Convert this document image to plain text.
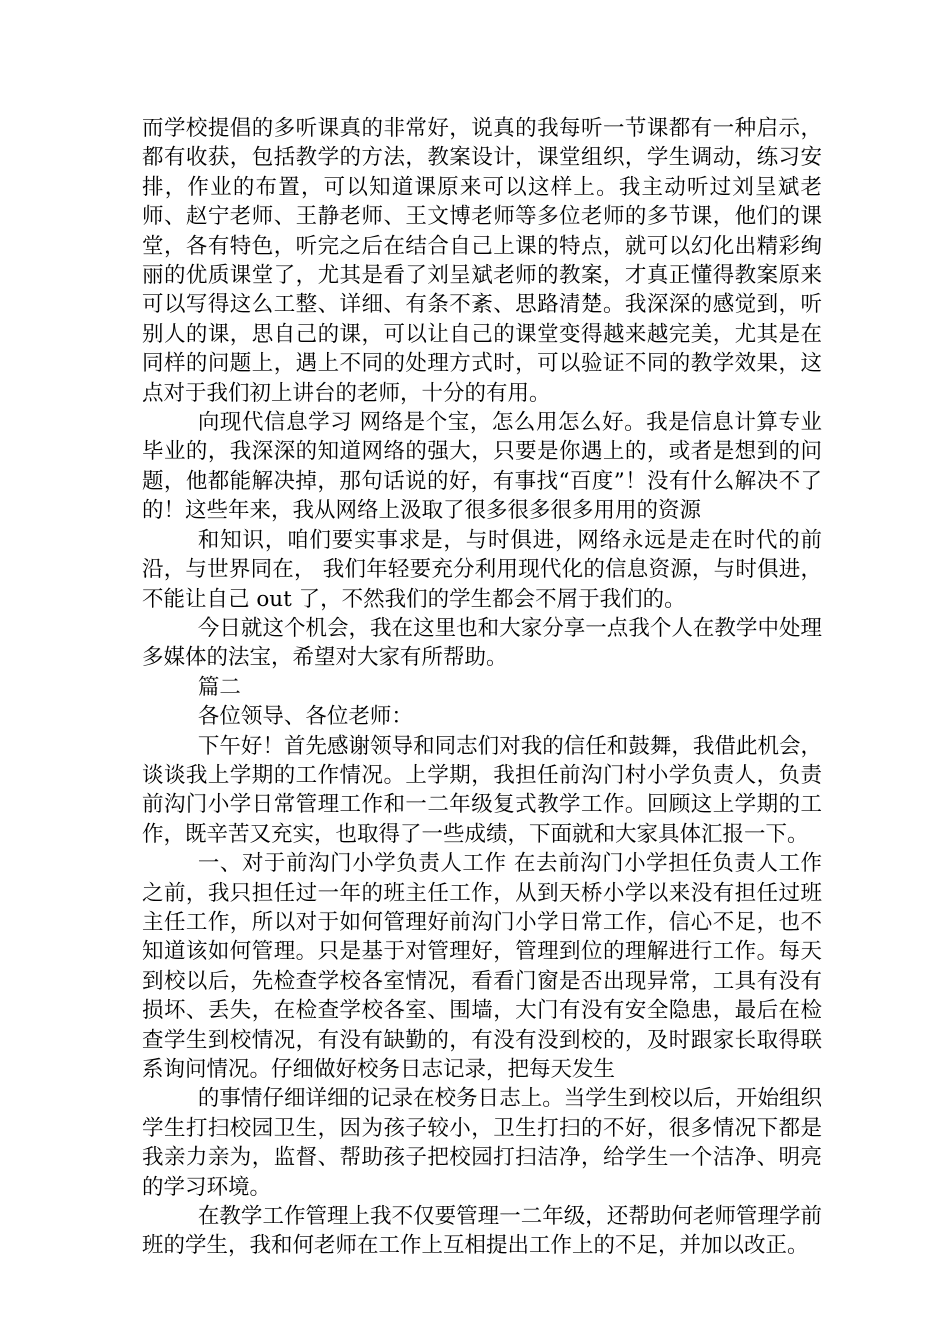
而学校提倡的多听课真的非常好，说真的我每听一节课都有一种启示，都有收获，包括教学的方法，教案设计，课堂组织，学生调动，练习安排，作业的布置，可以知道课原来可以这样上。我主动听过刘呈斌老师、赵宁老师、王静老师、王文博老师等多位老师的多节课，他们的课堂，各有特色，听完之后在结合自己上课的特点，就可以幻化出精彩绚丽的优质课堂了，尤其是看了刘呈斌老师的教案，才真正懂得教案原来可以写得这么工整、详细、有条不紊、思路清楚。我深深的感觉到，听别人的课，思自己的课，可以让自己的课堂变得越来越完美，尤其是在同样的问题上，遇上不同的处理方式时，可以验证不同的教学效果，这点对于我们初上讲台的老师，十分的有用。

向现代信息学习 网络是个宝，怎么用怎么好。我是信息计算专业毕业的，我深深的知道网络的强大，只要是你遇上的，或者是想到的问题，他都能解决掉，那句话说的好，有事找“百度”！没有什么解决不了的！这些年来，我从网络上汲取了很多很多很多用用的资源

和知识，咱们要实事求是，与时俱进，网络永远是走在时代的前沿，与世界同在， 我们年轻要充分利用现代化的信息资源，与时俱进，不能让自己 out 了，不然我们的学生都会不屑于我们的。

今日就这个机会，我在这里也和大家分享一点我个人在教学中处理多媒体的法宝，希望对大家有所帮助。

篇二

各位领导、各位老师：

下午好！首先感谢领导和同志们对我的信任和鼓舞，我借此机会，谈谈我上学期的工作情况。上学期，我担任前沟门村小学负责人，负责前沟门小学日常管理工作和一二年级复式教学工作。回顾这上学期的工作，既辛苦又充实，也取得了一些成绩，下面就和大家具体汇报一下。

一、对于前沟门小学负责人工作 在去前沟门小学担任负责人工作之前，我只担任过一年的班主任工作，从到天桥小学以来没有担任过班主任工作，所以对于如何管理好前沟门小学日常工作，信心不足，也不知道该如何管理。只是基于对管理好，管理到位的理解进行工作。每天到校以后，先检查学校各室情况，看看门窗是否出现异常，工具有没有损坏、丢失，在检查学校各室、围墙，大门有没有安全隐患，最后在检查学生到校情况，有没有缺勤的，有没有没到校的，及时跟家长取得联系询问情况。仔细做好校务日志记录，把每天发生

的事情仔细详细的记录在校务日志上。当学生到校以后，开始组织学生打扫校园卫生，因为孩子较小，卫生打扫的不好，很多情况下都是我亲力亲为，监督、帮助孩子把校园打扫洁净，给学生一个洁净、明亮的学习环境。

在教学工作管理上我不仅要管理一二年级，还帮助何老师管理学前班的学生，我和何老师在工作上互相提出工作上的不足，并加以改正。
